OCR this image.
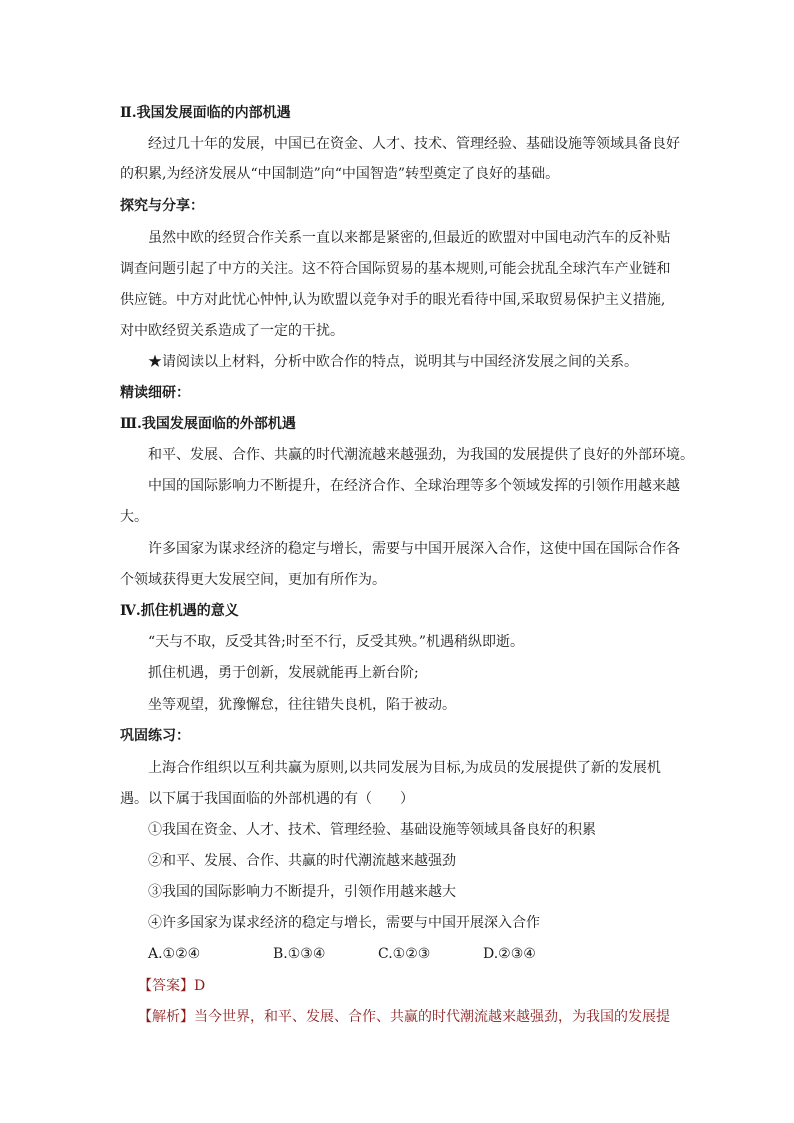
Ⅱ.我国发展面临的内部机遇
经过几十年的发展，中国已在资金、人才、技术、管理经验、基础设施等领域具备良好
的积累,为经济发展从“中国制造”向“中国智造”转型奠定了良好的基础。
探究与分享：
虽然中欧的经贸合作关系一直以来都是紧密的,但最近的欧盟对中国电动汽车的反补贴
调查问题引起了中方的关注。这不符合国际贸易的基本规则,可能会扰乱全球汽车产业链和
供应链。中方对此忧心忡忡,认为欧盟以竞争对手的眼光看待中国,采取贸易保护主义措施,
对中欧经贸关系造成了一定的干扰。
★请阅读以上材料，分析中欧合作的特点，说明其与中国经济发展之间的关系。
精读细研：
Ⅲ.我国发展面临的外部机遇
和平、发展、合作、共赢的时代潮流越来越强劲，为我国的发展提供了良好的外部环境。
中国的国际影响力不断提升，在经济合作、全球治理等多个领域发挥的引领作用越来越
大。
许多国家为谋求经济的稳定与增长，需要与中国开展深入合作，这使中国在国际合作各
个领域获得更大发展空间，更加有所作为。
Ⅳ.抓住机遇的意义
“天与不取，反受其咎;时至不行，反受其殃。”机遇稍纵即逝。
抓住机遇，勇于创新，发展就能再上新台阶;
坐等观望，犹豫懈怠，往往错失良机，陷于被动。
巩固练习：
上海合作组织以互利共赢为原则,以共同发展为目标,为成员的发展提供了新的发展机
遇。以下属于我国面临的外部机遇的有（　　）
①我国在资金、人才、技术、管理经验、基础设施等领域具备良好的积累
②和平、发展、合作、共赢的时代潮流越来越强劲
③我国的国际影响力不断提升，引领作用越来越大
④许多国家为谋求经济的稳定与增长，需要与中国开展深入合作
A.①②④	B.①③④	C.①②③	D.②③④
【答案】D
【解析】当今世界，和平、发展、合作、共赢的时代潮流越来越强劲，为我国的发展提
